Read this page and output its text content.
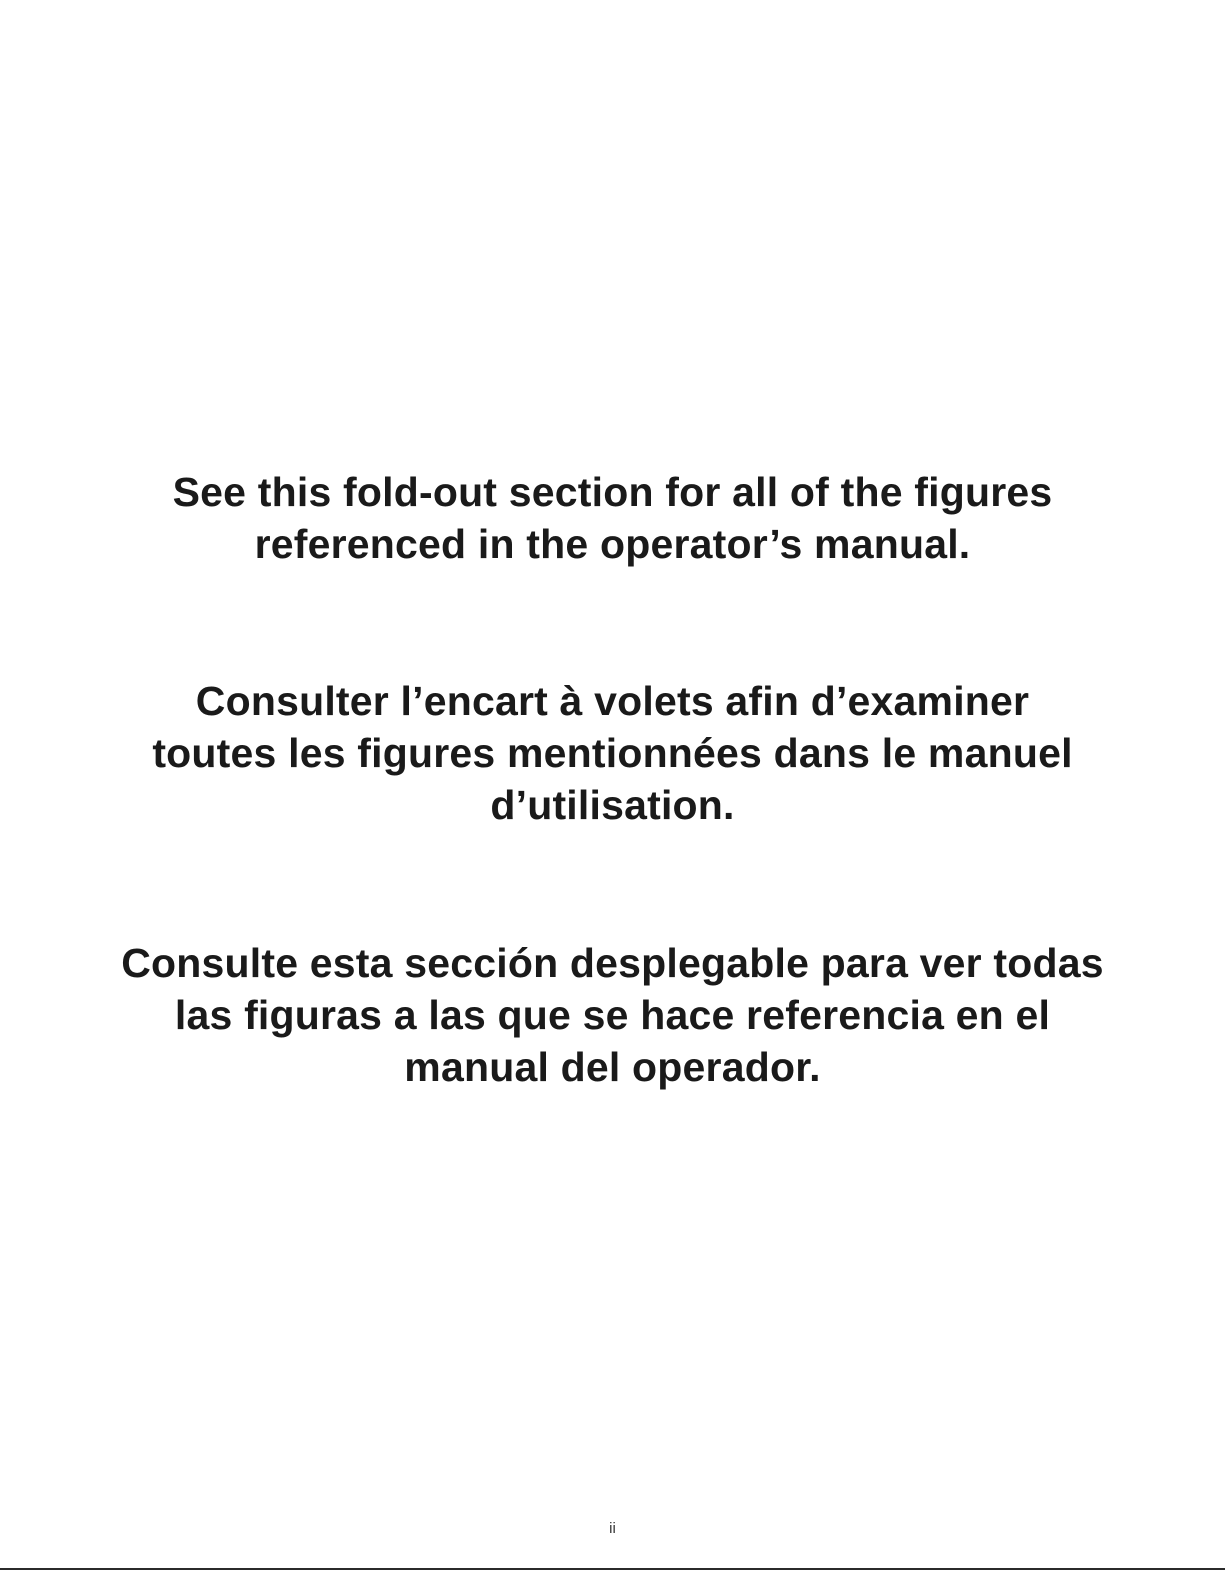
See this fold-out section for all of the figures
referenced in the operator’s manual.

Consulter l’encart à volets afin d’examiner
toutes les figures mentionnées dans le manuel
d’utilisation.

Consulte esta sección desplegable para ver todas
las figuras a las que se hace referencia en el
manual del operador.

ii
